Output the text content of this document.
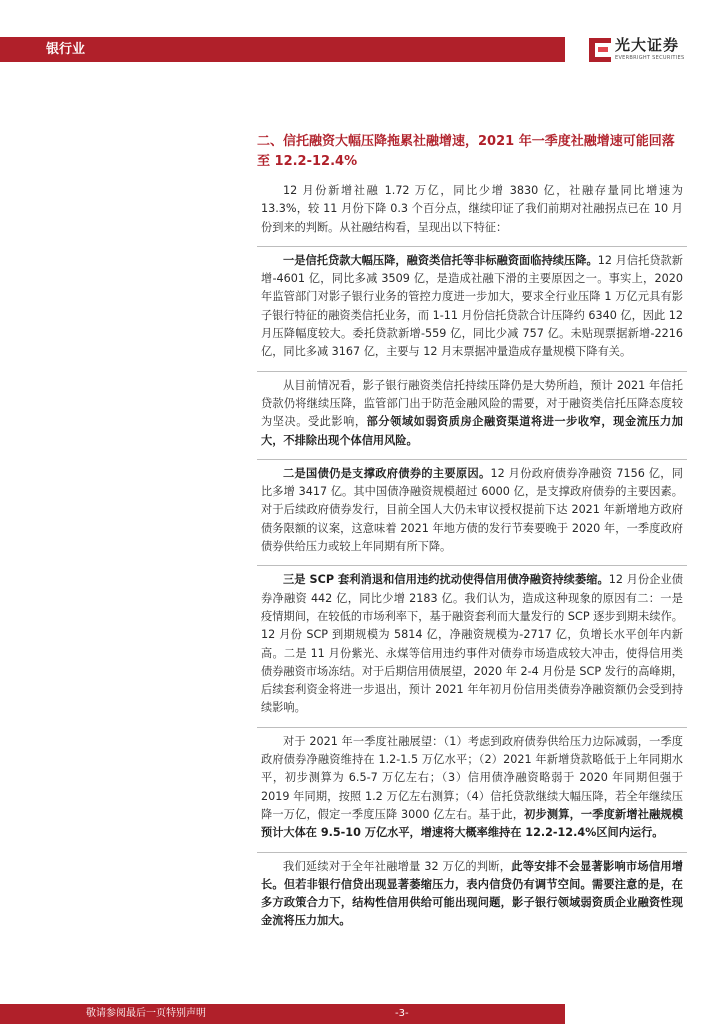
银行业	光大证券
EVERBRIGHT SECURITIES
二、信托融资大幅压降拖累社融增速，2021 年一季度社融增速可能回落至 12.2-12.4%

12 月份新增社融 1.72 万亿，同比少增 3830 亿，社融存量同比增速为 13.3%，较 11 月份下降 0.3 个百分点，继续印证了我们前期对社融拐点已在 10 月份到来的判断。从社融结构看，呈现出以下特征：

一是信托贷款大幅压降，融资类信托等非标融资面临持续压降。12 月信托贷款新增-4601 亿，同比多减 3509 亿，是造成社融下滑的主要原因之一。事实上，2020 年监管部门对影子银行业务的管控力度进一步加大，要求全行业压降 1 万亿元具有影子银行特征的融资类信托业务，而 1-11 月份信托贷款合计压降约 6340 亿，因此 12 月压降幅度较大。委托贷款新增-559 亿，同比少减 757 亿。未贴现票据新增-2216 亿，同比多减 3167 亿，主要与 12 月末票据冲量造成存量规模下降有关。

从目前情况看，影子银行融资类信托持续压降仍是大势所趋，预计 2021 年信托贷款仍将继续压降，监管部门出于防范金融风险的需要，对于融资类信托压降态度较为坚决。受此影响，部分领域如弱资质房企融资渠道将进一步收窄，现金流压力加大，不排除出现个体信用风险。

二是国债仍是支撑政府债券的主要原因。12 月份政府债券净融资 7156 亿，同比多增 3417 亿。其中国债净融资规模超过 6000 亿，是支撑政府债券的主要因素。对于后续政府债券发行，目前全国人大仍未审议授权提前下达 2021 年新增地方政府债务限额的议案，这意味着 2021 年地方债的发行节奏要晚于 2020 年，一季度政府债券供给压力或较上年同期有所下降。

三是 SCP 套利消退和信用违约扰动使得信用债净融资持续萎缩。12 月份企业债券净融资 442 亿，同比少增 2183 亿。我们认为，造成这种现象的原因有二：一是疫情期间，在较低的市场利率下，基于融资套利而大量发行的 SCP 逐步到期未续作。12 月份 SCP 到期规模为 5814 亿，净融资规模为-2717 亿，负增长水平创年内新高。二是 11 月份紫光、永煤等信用违约事件对债券市场造成较大冲击，使得信用类债券融资市场冻结。对于后期信用债展望，2020 年 2-4 月份是 SCP 发行的高峰期，后续套利资金将进一步退出，预计 2021 年年初月份信用类债券净融资额仍会受到持续影响。

对于 2021 年一季度社融展望：（1）考虑到政府债券供给压力边际减弱，一季度政府债券净融资维持在 1.2-1.5 万亿水平；（2）2021 年新增贷款略低于上年同期水平，初步测算为 6.5-7 万亿左右；（3）信用债净融资略弱于 2020 年同期但强于 2019 年同期，按照 1.2 万亿左右测算；（4）信托贷款继续大幅压降，若全年继续压降一万亿，假定一季度压降 3000 亿左右。基于此，初步测算，一季度新增社融规模预计大体在 9.5-10 万亿水平，增速将大概率维持在 12.2-12.4%区间内运行。

我们延续对于全年社融增量 32 万亿的判断，此等安排不会显著影响市场信用增长。但若非银行信贷出现显著萎缩压力，表内信贷仍有调节空间。需要注意的是，在多方政策合力下，结构性信用供给可能出现问题，影子银行领域弱资质企业融资性现金流将压力加大。

敬请参阅最后一页特别声明	-3-
